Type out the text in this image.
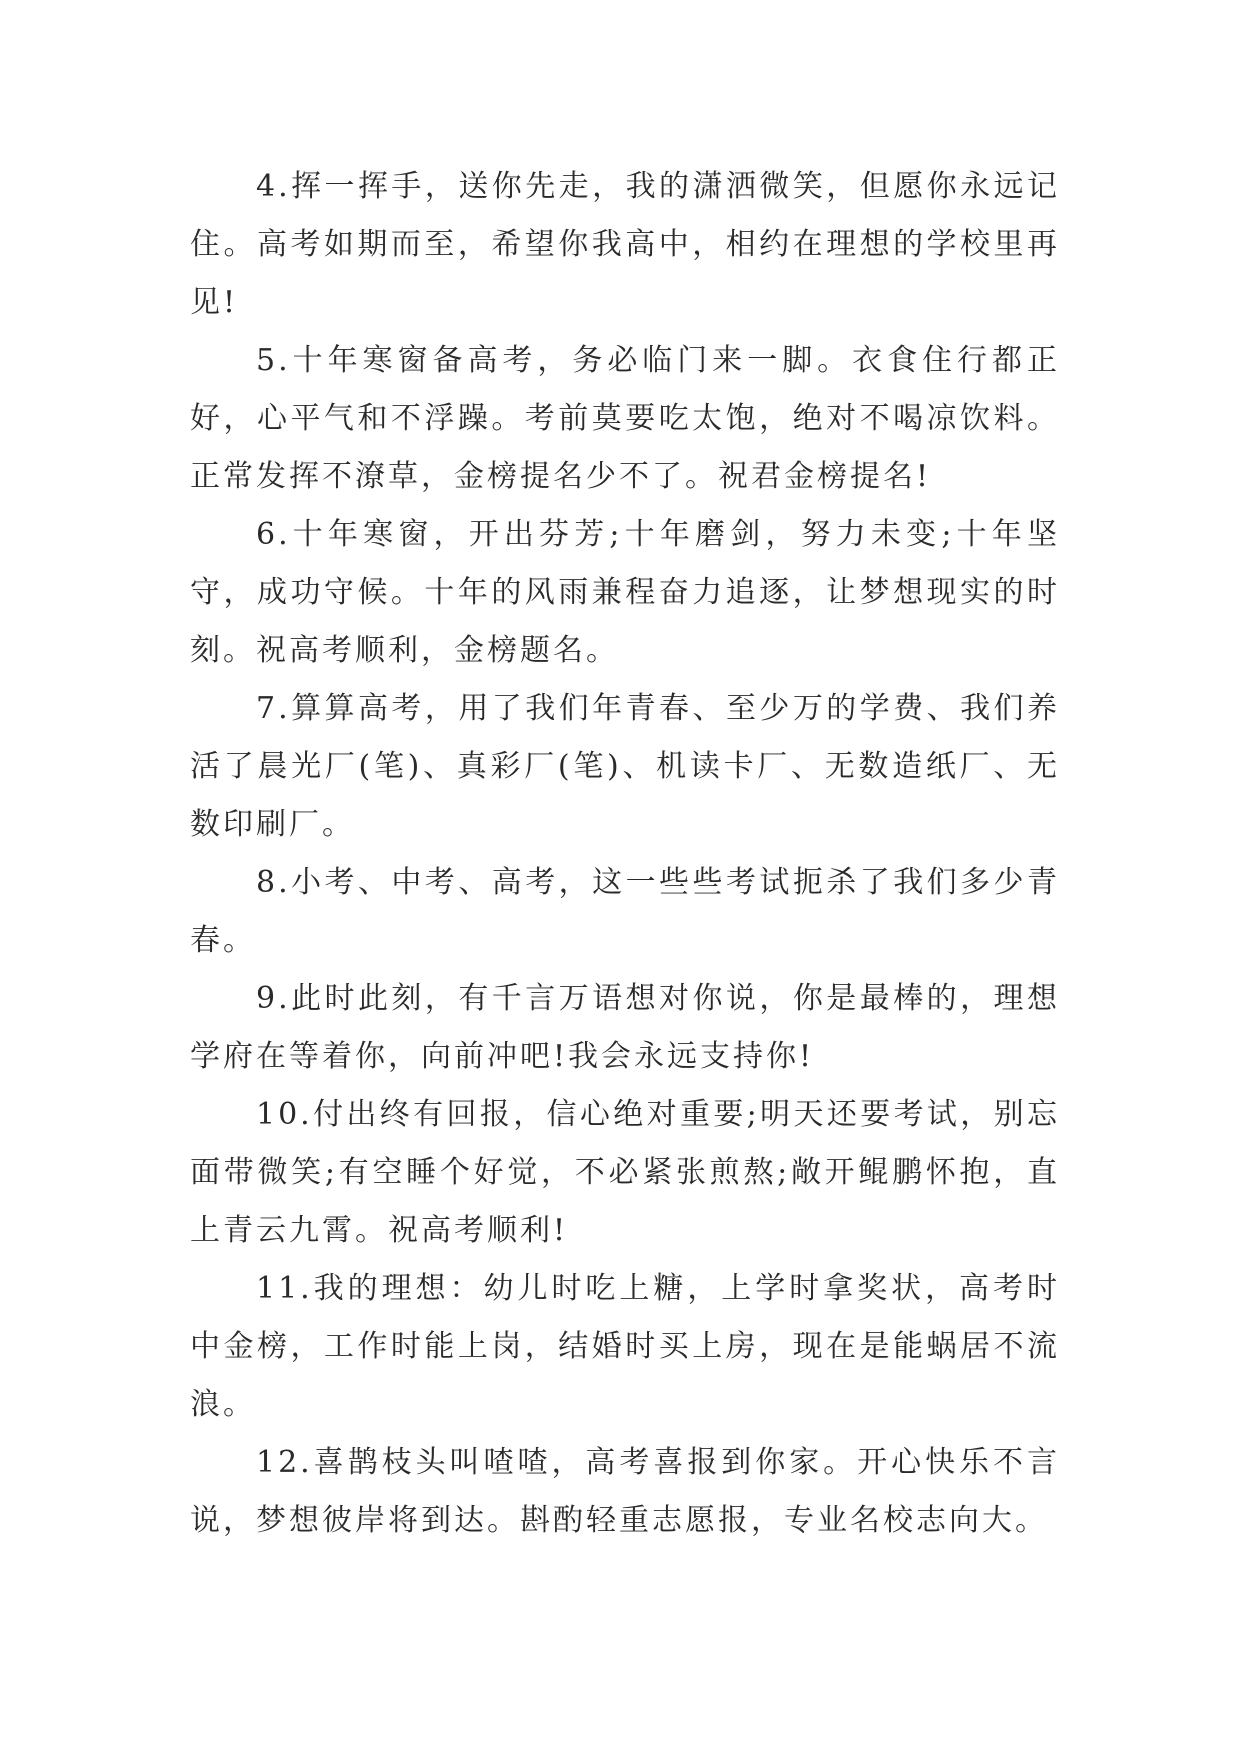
4.挥一挥手，送你先走，我的潇洒微笑，但愿你永远记住。高考如期而至，希望你我高中，相约在理想的学校里再见!

5.十年寒窗备高考，务必临门来一脚。衣食住行都正好，心平气和不浮躁。考前莫要吃太饱，绝对不喝凉饮料。正常发挥不潦草，金榜提名少不了。祝君金榜提名!

6.十年寒窗，开出芬芳;十年磨剑，努力未变;十年坚守，成功守候。十年的风雨兼程奋力追逐，让梦想现实的时刻。祝高考顺利，金榜题名。

7.算算高考，用了我们年青春、至少万的学费、我们养活了晨光厂(笔)、真彩厂(笔)、机读卡厂、无数造纸厂、无数印刷厂。

8.小考、中考、高考，这一些些考试扼杀了我们多少青春。

9.此时此刻，有千言万语想对你说，你是最棒的，理想学府在等着你，向前冲吧!我会永远支持你!

10.付出终有回报，信心绝对重要;明天还要考试，别忘面带微笑;有空睡个好觉，不必紧张煎熬;敞开鲲鹏怀抱，直上青云九霄。祝高考顺利!

11.我的理想：幼儿时吃上糖，上学时拿奖状，高考时中金榜，工作时能上岗，结婚时买上房，现在是能蜗居不流浪。

12.喜鹊枝头叫喳喳，高考喜报到你家。开心快乐不言说，梦想彼岸将到达。斟酌轻重志愿报，专业名校志向大。
